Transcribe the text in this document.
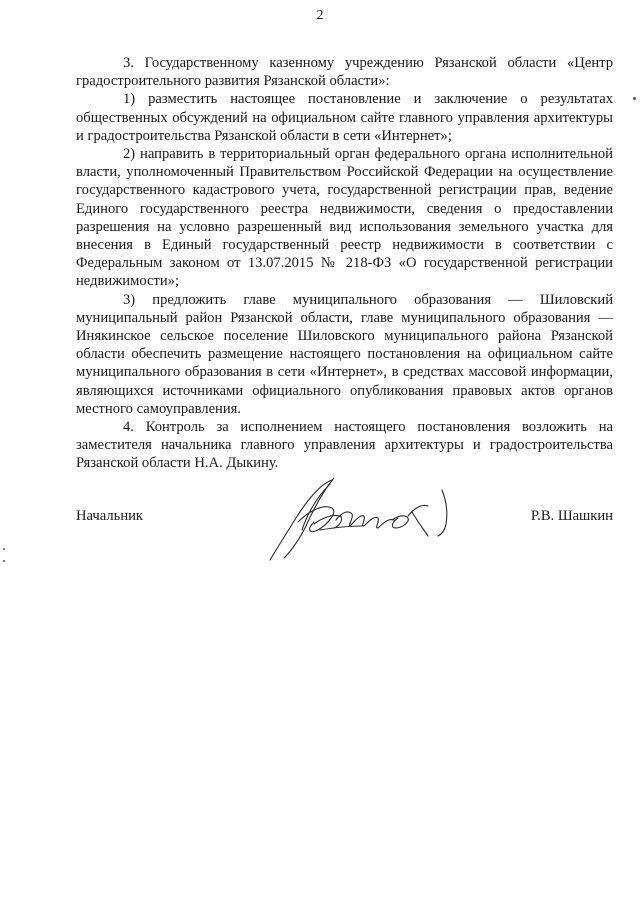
2

3. Государственному казенному учреждению Рязанской области «Центр градостроительного развития Рязанской области»:

1) разместить настоящее постановление и заключение о результатах общественных обсуждений на официальном сайте главного управления архитектуры и градостроительства Рязанской области в сети «Интернет»;

2) направить в территориальный орган федерального органа исполнительной власти, уполномоченный Правительством Российской Федерации на осуществление государственного кадастрового учета, государственной регистрации прав, ведение Единого государственного реестра недвижимости, сведения о предоставлении разрешения на условно разрешенный вид использования земельного участка для внесения в Единый государственный реестр недвижимости в соответствии с Федеральным законом от 13.07.2015 № 218-ФЗ «О государственной регистрации недвижимости»;

3) предложить главе муниципального образования — Шиловский муниципальный район Рязанской области, главе муниципального образования — Инякинское сельское поселение Шиловского муниципального района Рязанской области обеспечить размещение настоящего постановления на официальном сайте муниципального образования в сети «Интернет», в средствах массовой информации, являющихся источниками официального опубликования правовых актов органов местного самоуправления.

4. Контроль за исполнением настоящего постановления возложить на заместителя начальника главного управления архитектуры и градостроительства Рязанской области Н.А. Дыкину.

Начальник	Р.В. Шашкин
